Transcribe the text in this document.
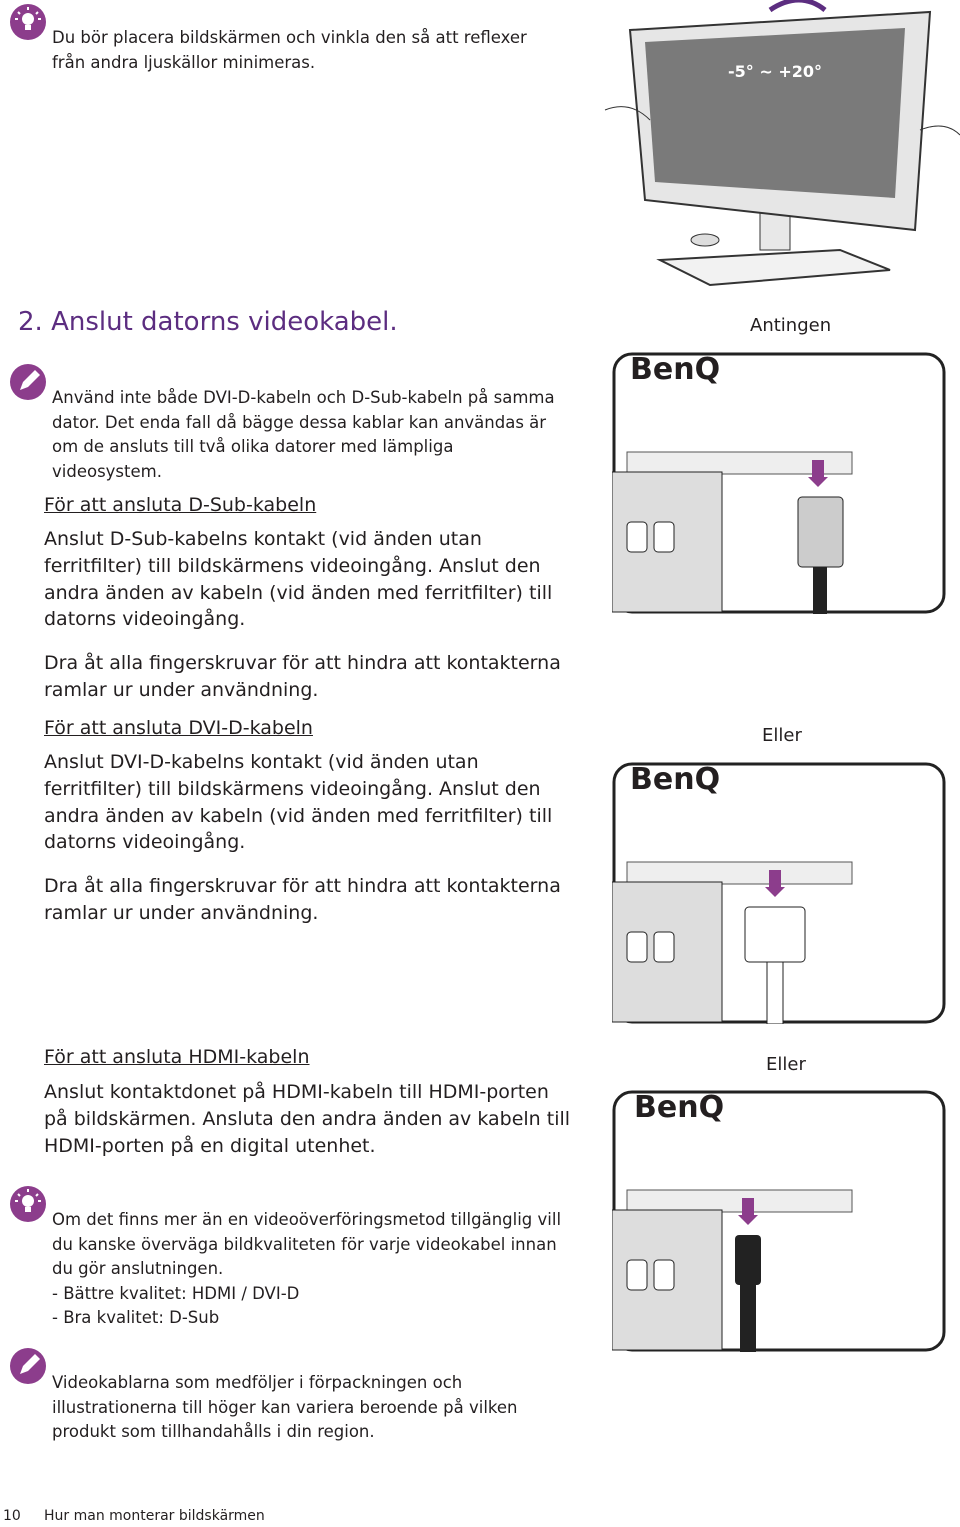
Du bör placera bildskärmen och vinkla den så att reflexer
från andra ljuskällor minimeras.	-5° ~ +20°
2. Anslut datorns videokabel.
Använd inte både DVI-D-kabeln och D-Sub-kabeln på samma
dator. Det enda fall då bägge dessa kablar kan användas är
om de ansluts till två olika datorer med lämpliga
videosystem.
För att ansluta D-Sub-kabeln
Anslut D-Sub-kabelns kontakt (vid änden utan
ferritfilter) till bildskärmens videoingång. Anslut den
andra änden av kabeln (vid änden med ferritfilter) till
datorns videoingång.
Dra åt alla fingerskruvar för att hindra att kontakterna
ramlar ur under användning.
För att ansluta DVI-D-kabeln
Anslut DVI-D-kabelns kontakt (vid änden utan
ferritfilter) till bildskärmens videoingång. Anslut den
andra änden av kabeln (vid änden med ferritfilter) till
datorns videoingång.
Dra åt alla fingerskruvar för att hindra att kontakterna
ramlar ur under användning.
För att ansluta HDMI-kabeln
Anslut kontaktdonet på HDMI-kabeln till HDMI-porten
på bildskärmen. Ansluta den andra änden av kabeln till
HDMI-porten på en digital utenhet.
Om det finns mer än en videoöverföringsmetod tillgänglig vill
du kanske överväga bildkvaliteten för varje videokabel innan
du gör anslutningen.
- Bättre kvalitet: HDMI / DVI-D
- Bra kvalitet: D-Sub
Videokablarna som medföljer i förpackningen och
illustrationerna till höger kan variera beroende på vilken
produkt som tillhandahålls i din region.
Antingen
Eller
Eller
BenQ
BenQ
BenQ
10 Hur man monterar bildskärmen
